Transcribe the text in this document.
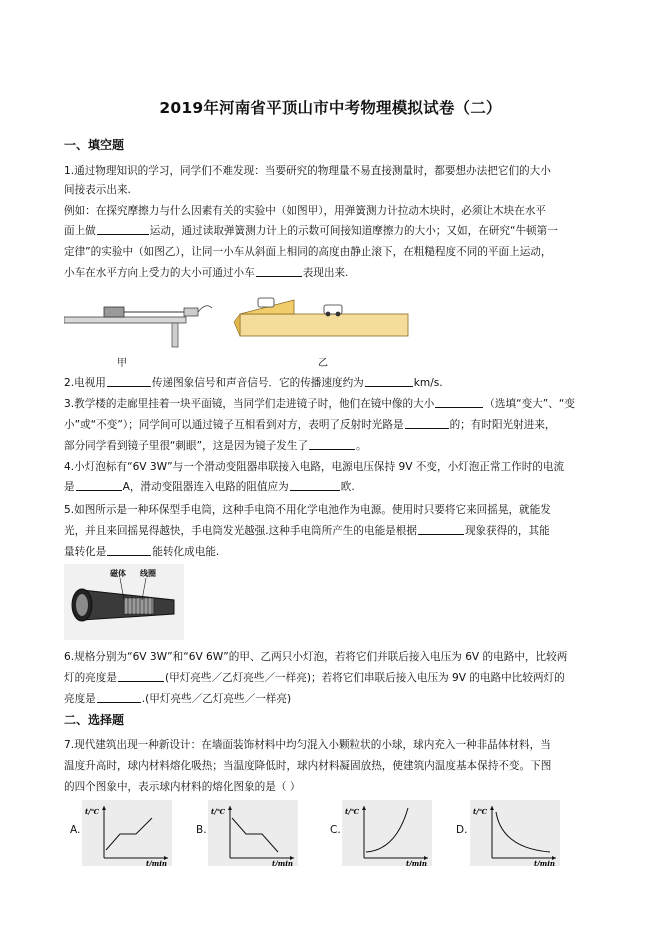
2019年河南省平顶山市中考物理模拟试卷（二）
一、填空题
1.通过物理知识的学习，同学们不难发现：当要研究的物理量不易直接测量时，都要想办法把它们的大小
间接表示出来.
例如：在探究摩擦力与什么因素有关的实验中（如图甲），用弹簧测力计拉动木块时，必须让木块在水平
面上做	运动，通过读取弹簧测力计上的示数可间接知道摩擦力的大小；又如，在研究“牛顿第一
定律”的实验中（如图乙），让同一小车从斜面上相同的高度由静止滚下，在粗糙程度不同的平面上运动，
小车在水平方向上受力的大小可通过小车	表现出来.
甲	乙
2.电视用	传递图象信号和声音信号．它的传播速度约为	km/s.
3.教学楼的走廊里挂着一块平面镜，当同学们走进镜子时，他们在镜中像的大小	（选填“变大”、“变
小”或“不变”）；同学间可以通过镜子互相看到对方，表明了反射时光路是	的；有时阳光射进来，
部分同学看到镜子里很“刺眼”，这是因为镜子发生了	。
4.小灯泡标有“6V 3W”与一个滑动变阻器串联接入电路，电源电压保持 9V 不变，小灯泡正常工作时的电流
是	A，滑动变阻器连入电路的阻值应为	欧.
5.如图所示是一种环保型手电筒，这种手电筒不用化学电池作为电源。使用时只要将它来回摇晃，就能发
光，并且来回摇晃得越快，手电筒发光越强.这种手电筒所产生的电能是根据	现象获得的，其能
量转化是	能转化成电能.
磁体 线圈
6.规格分别为“6V 3W”和“6V 6W”的甲、乙两只小灯泡，若将它们并联后接入电压为 6V 的电路中，比较两
灯的亮度是	(甲灯亮些／乙灯亮些／一样亮)；若将它们串联后接入电压为 9V 的电路中比较两灯的
亮度是	.(甲灯亮些／乙灯亮些／一样亮)
二、选择题
7.现代建筑出现一种新设计：在墙面装饰材料中均匀混入小颗粒状的小球，球内充入一种非晶体材料，当
温度升高时，球内材料熔化吸热；当温度降低时，球内材料凝固放热，使建筑内温度基本保持不变。下图
的四个图象中，表示球内材料的熔化图象的是（ ）
A.
t/℃
t/min
B.
t/℃
t/min
C.
t/℃
t/min
D.
t/℃
t/min
